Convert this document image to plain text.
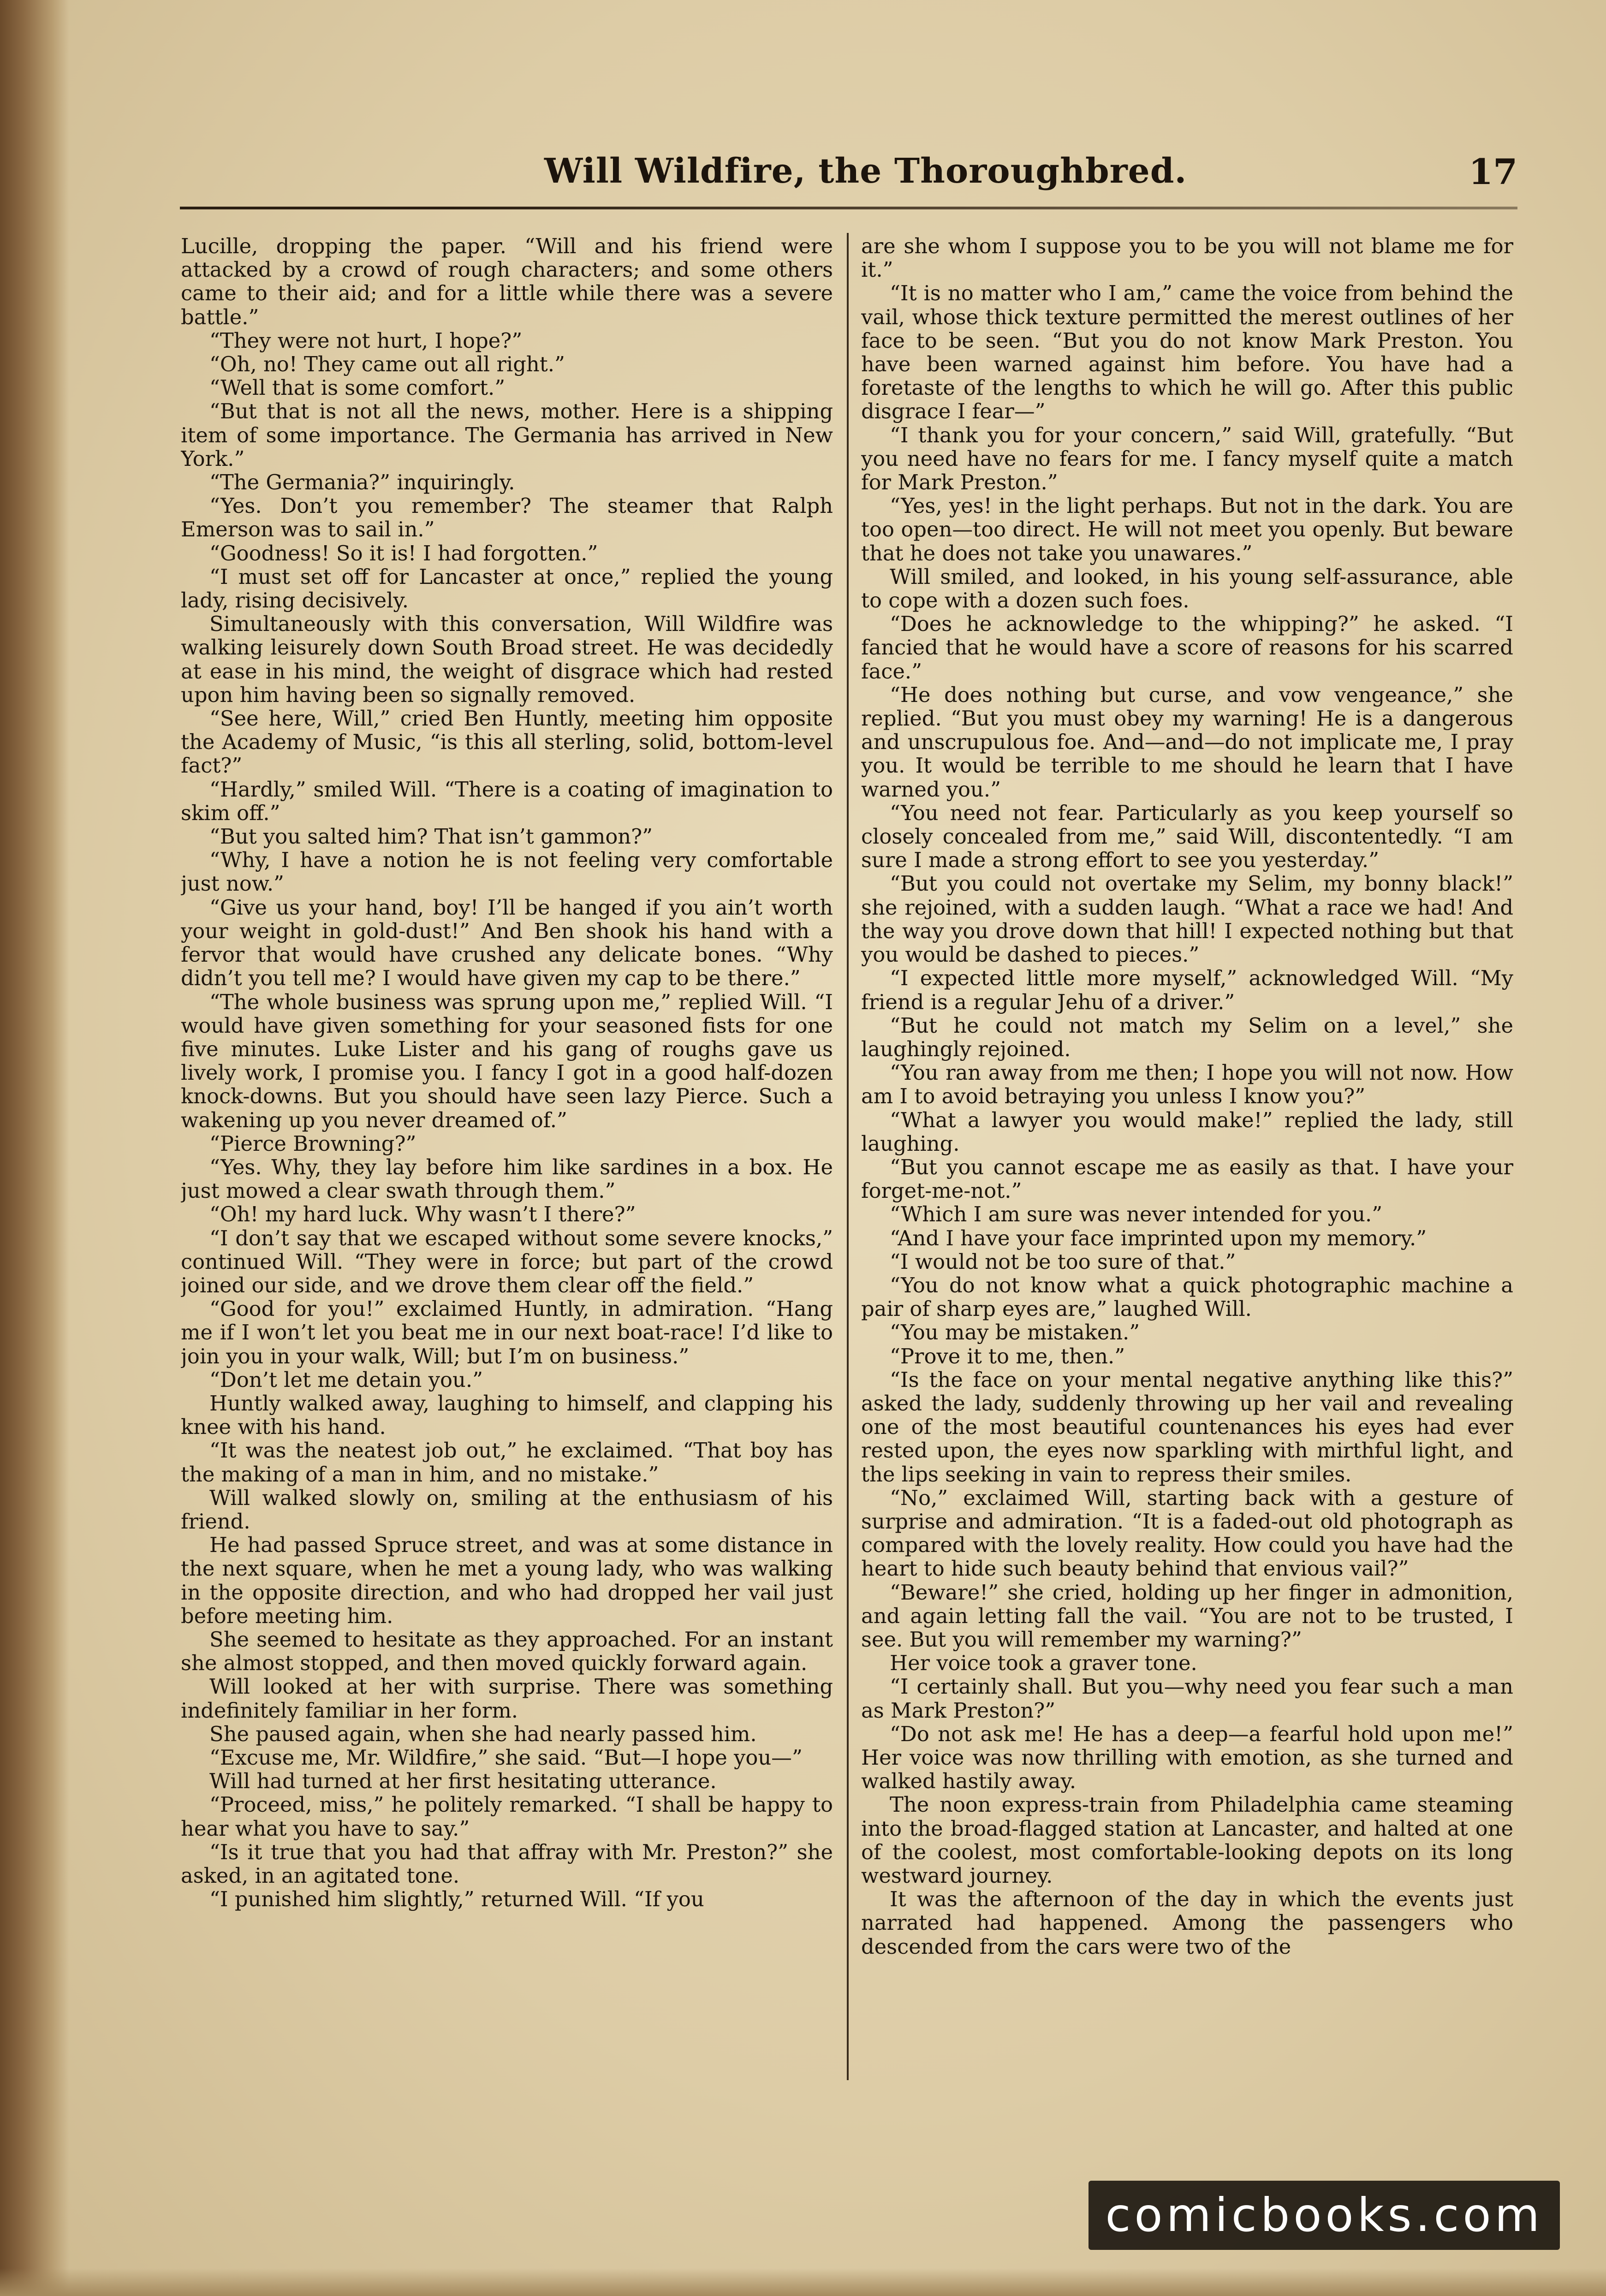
Will Wildfire, the Thoroughbred.	17

Lucille, dropping the paper. “Will and his friend were attacked by a crowd of rough characters; and some others came to their aid; and for a little while there was a severe battle.”

“They were not hurt, I hope?”

“Oh, no! They came out all right.”

“Well that is some comfort.”

“But that is not all the news, mother. Here is a shipping item of some importance. The Germania has arrived in New York.”

“The Germania?” inquiringly.

“Yes. Don’t you remember? The steamer that Ralph Emerson was to sail in.”

“Goodness! So it is! I had forgotten.”

“I must set off for Lancaster at once,” replied the young lady, rising decisively.

Simultaneously with this conversation, Will Wildfire was walking leisurely down South Broad street. He was decidedly at ease in his mind, the weight of disgrace which had rested upon him having been so signally removed.

“See here, Will,” cried Ben Huntly, meeting him opposite the Academy of Music, “is this all sterling, solid, bottom-level fact?”

“Hardly,” smiled Will. “There is a coating of imagination to skim off.”

“But you salted him? That isn’t gammon?”

“Why, I have a notion he is not feeling very comfortable just now.”

“Give us your hand, boy! I’ll be hanged if you ain’t worth your weight in gold-dust!” And Ben shook his hand with a fervor that would have crushed any delicate bones. “Why didn’t you tell me? I would have given my cap to be there.”

“The whole business was sprung upon me,” replied Will. “I would have given something for your seasoned fists for one five minutes. Luke Lister and his gang of roughs gave us lively work, I promise you. I fancy I got in a good half-dozen knock-downs. But you should have seen lazy Pierce. Such a wakening up you never dreamed of.”

“Pierce Browning?”

“Yes. Why, they lay before him like sardines in a box. He just mowed a clear swath through them.”

“Oh! my hard luck. Why wasn’t I there?”

“I don’t say that we escaped without some severe knocks,” continued Will. “They were in force; but part of the crowd joined our side, and we drove them clear off the field.”

“Good for you!” exclaimed Huntly, in admiration. “Hang me if I won’t let you beat me in our next boat-race! I’d like to join you in your walk, Will; but I’m on business.”

“Don’t let me detain you.”

Huntly walked away, laughing to himself, and clapping his knee with his hand.

“It was the neatest job out,” he exclaimed. “That boy has the making of a man in him, and no mistake.”

Will walked slowly on, smiling at the enthusiasm of his friend.

He had passed Spruce street, and was at some distance in the next square, when he met a young lady, who was walking in the opposite direction, and who had dropped her vail just before meeting him.

She seemed to hesitate as they approached. For an instant she almost stopped, and then moved quickly forward again.

Will looked at her with surprise. There was something indefinitely familiar in her form.

She paused again, when she had nearly passed him.

“Excuse me, Mr. Wildfire,” she said. “But—I hope you—”

Will had turned at her first hesitating utterance.

“Proceed, miss,” he politely remarked. “I shall be happy to hear what you have to say.”

“Is it true that you had that affray with Mr. Preston?” she asked, in an agitated tone.

“I punished him slightly,” returned Will. “If you

are she whom I suppose you to be you will not blame me for it.”

“It is no matter who I am,” came the voice from behind the vail, whose thick texture permitted the merest outlines of her face to be seen. “But you do not know Mark Preston. You have been warned against him before. You have had a foretaste of the lengths to which he will go. After this public disgrace I fear—”

“I thank you for your concern,” said Will, gratefully. “But you need have no fears for me. I fancy myself quite a match for Mark Preston.”

“Yes, yes! in the light perhaps. But not in the dark. You are too open—too direct. He will not meet you openly. But beware that he does not take you unawares.”

Will smiled, and looked, in his young self-assurance, able to cope with a dozen such foes.

“Does he acknowledge to the whipping?” he asked. “I fancied that he would have a score of reasons for his scarred face.”

“He does nothing but curse, and vow vengeance,” she replied. “But you must obey my warning! He is a dangerous and unscrupulous foe. And—and—do not implicate me, I pray you. It would be terrible to me should he learn that I have warned you.”

“You need not fear. Particularly as you keep yourself so closely concealed from me,” said Will, discontentedly. “I am sure I made a strong effort to see you yesterday.”

“But you could not overtake my Selim, my bonny black!” she rejoined, with a sudden laugh. “What a race we had! And the way you drove down that hill! I expected nothing but that you would be dashed to pieces.”

“I expected little more myself,” acknowledged Will. “My friend is a regular Jehu of a driver.”

“But he could not match my Selim on a level,” she laughingly rejoined.

“You ran away from me then; I hope you will not now. How am I to avoid betraying you unless I know you?”

“What a lawyer you would make!” replied the lady, still laughing.

“But you cannot escape me as easily as that. I have your forget-me-not.”

“Which I am sure was never intended for you.”

“And I have your face imprinted upon my memory.”

“I would not be too sure of that.”

“You do not know what a quick photographic machine a pair of sharp eyes are,” laughed Will.

“You may be mistaken.”

“Prove it to me, then.”

“Is the face on your mental negative anything like this?” asked the lady, suddenly throwing up her vail and revealing one of the most beautiful countenances his eyes had ever rested upon, the eyes now sparkling with mirthful light, and the lips seeking in vain to repress their smiles.

“No,” exclaimed Will, starting back with a gesture of surprise and admiration. “It is a faded-out old photograph as compared with the lovely reality. How could you have had the heart to hide such beauty behind that envious vail?”

“Beware!” she cried, holding up her finger in admonition, and again letting fall the vail. “You are not to be trusted, I see. But you will remember my warning?”

Her voice took a graver tone.

“I certainly shall. But you—why need you fear such a man as Mark Preston?”

“Do not ask me! He has a deep—a fearful hold upon me!” Her voice was now thrilling with emotion, as she turned and walked hastily away.

The noon express-train from Philadelphia came steaming into the broad-flagged station at Lancaster, and halted at one of the coolest, most comfortable-looking depots on its long westward journey.

It was the afternoon of the day in which the events just narrated had happened. Among the passengers who descended from the cars were two of the

comicbooks.com
